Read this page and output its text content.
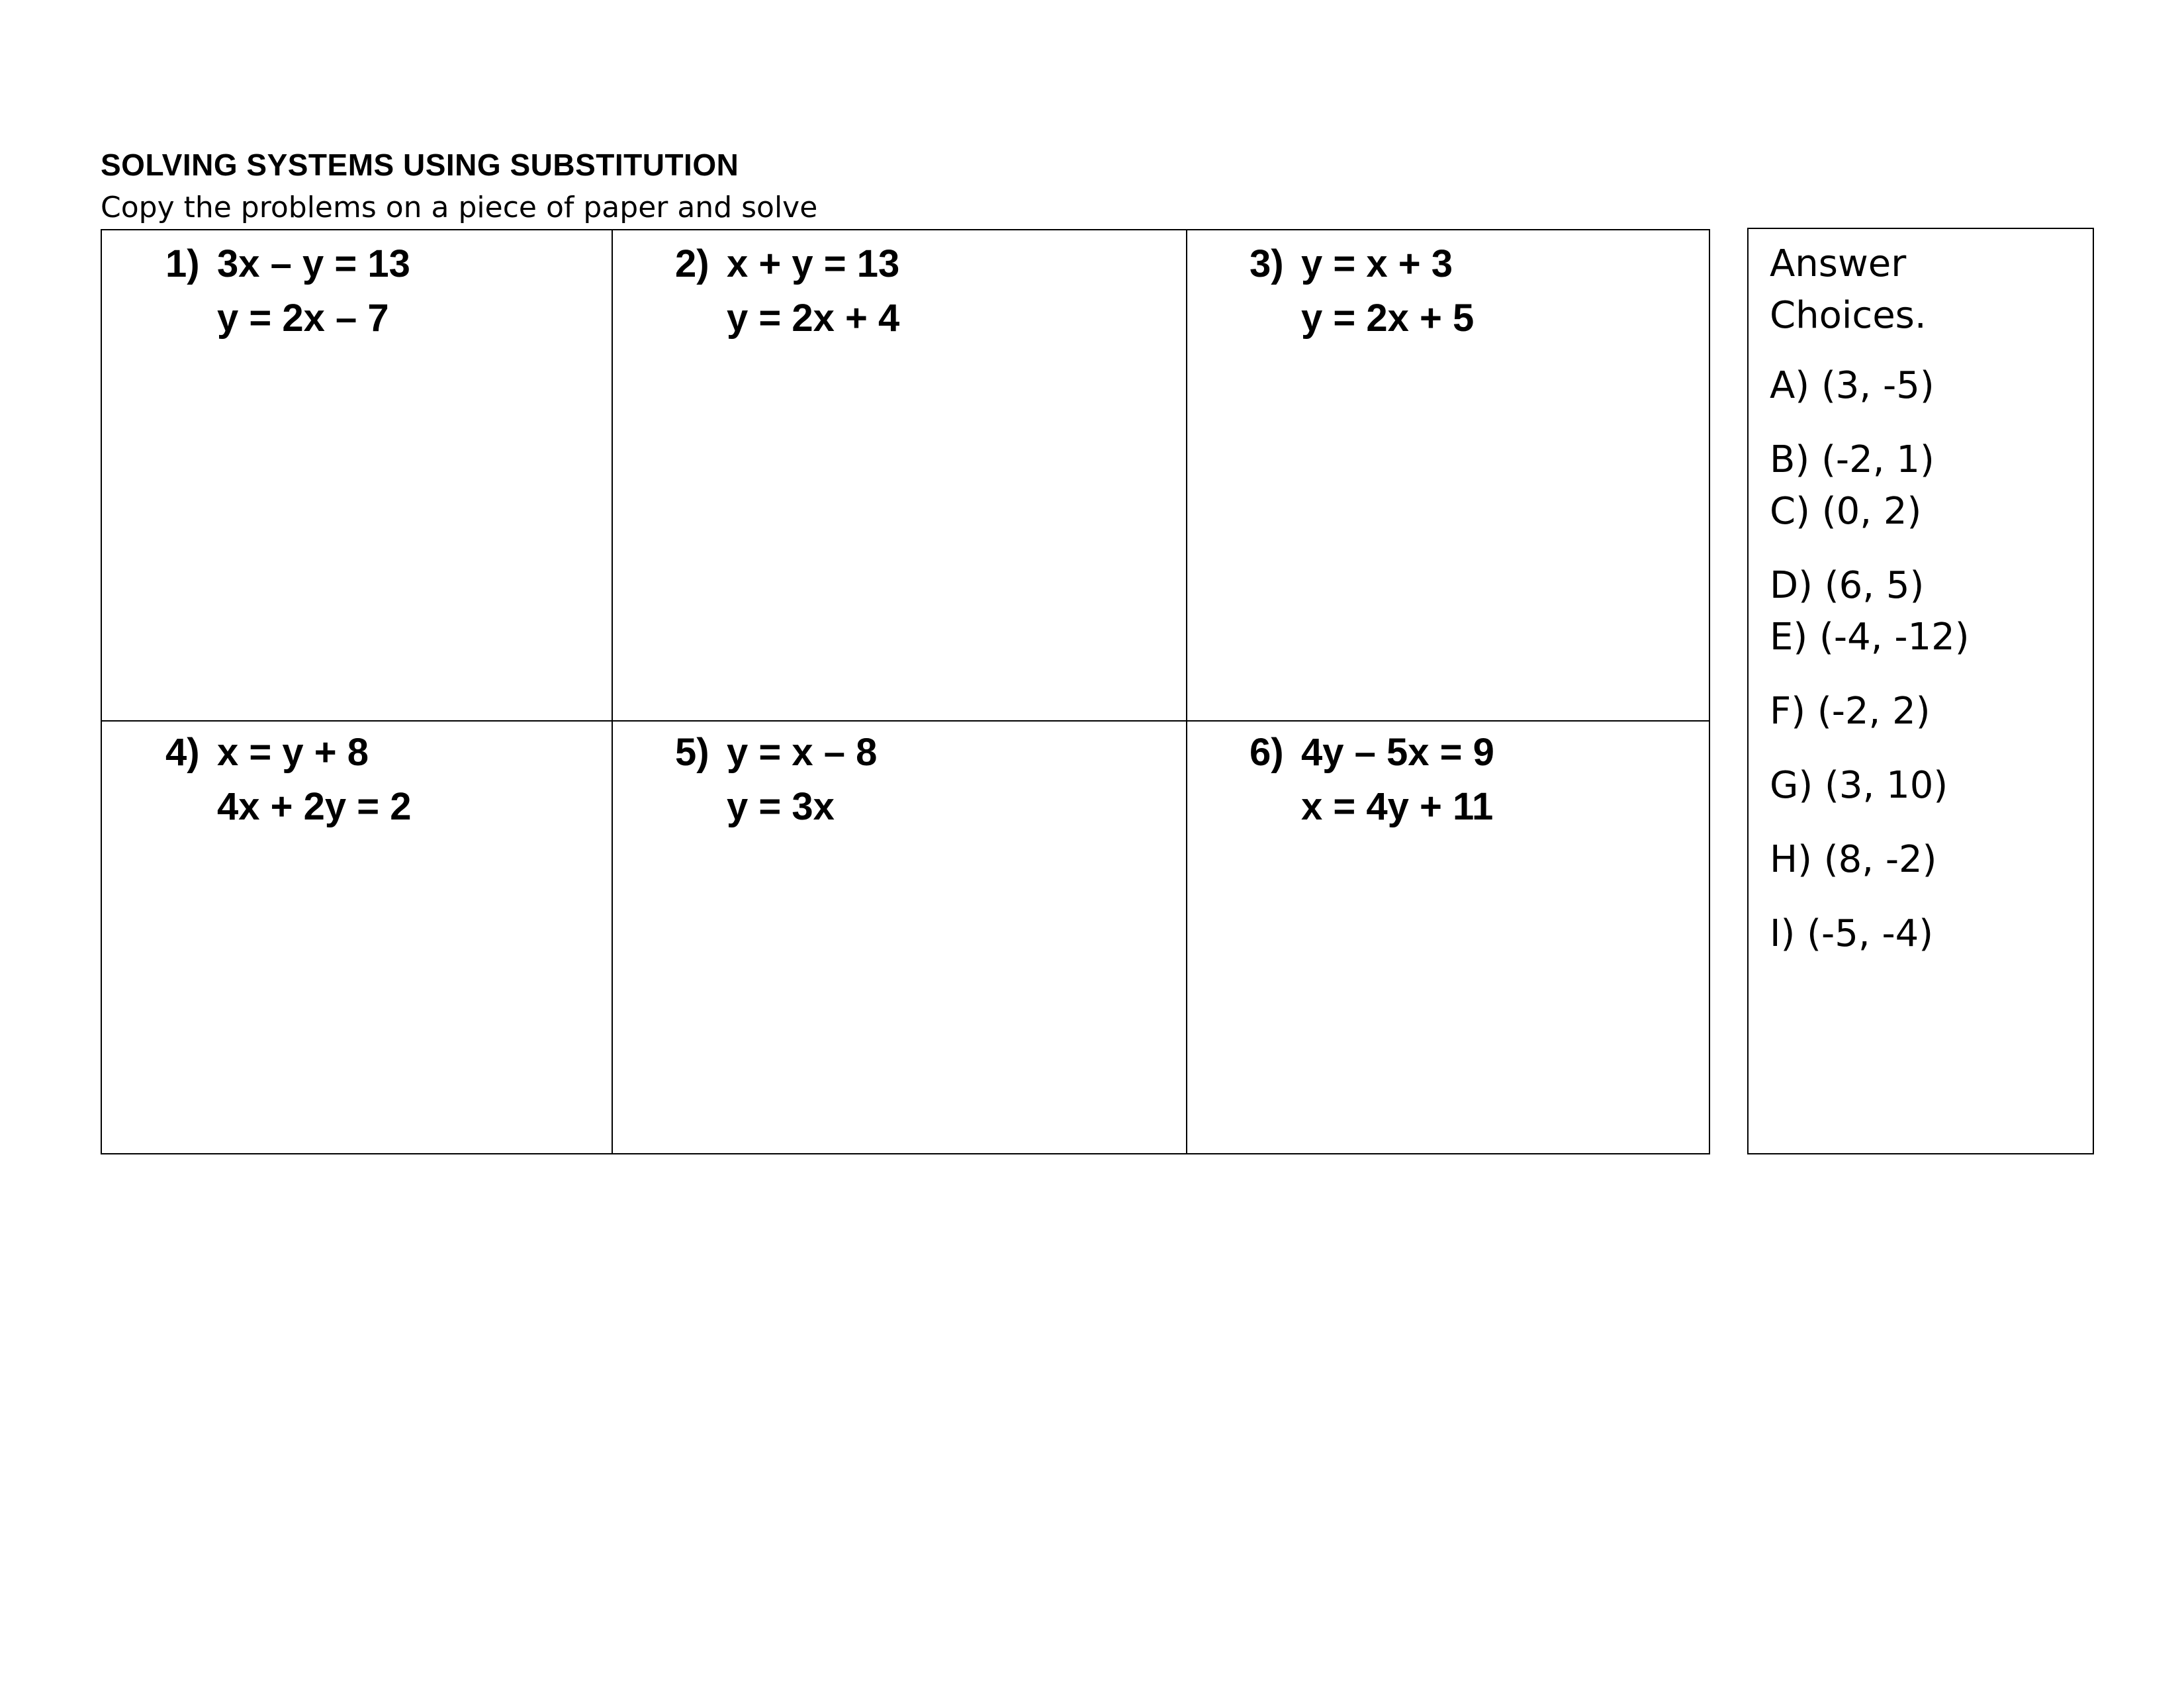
SOLVING SYSTEMS USING SUBSTITUTION
Copy the problems on a piece of paper and solve
1) 3x – y = 13
y = 2x – 7
2) x + y = 13
y = 2x + 4
3) y = x + 3
y = 2x + 5
4) x = y + 8
4x + 2y = 2
5) y = x – 8
y = 3x
6) 4y – 5x = 9
x = 4y + 11
Answer
Choices.
A) (3, -5)
B) (-2, 1)
C) (0, 2)
D) (6, 5)
E) (-4, -12)
F) (-2, 2)
G) (3, 10)
H) (8, -2)
I) (-5, -4)
